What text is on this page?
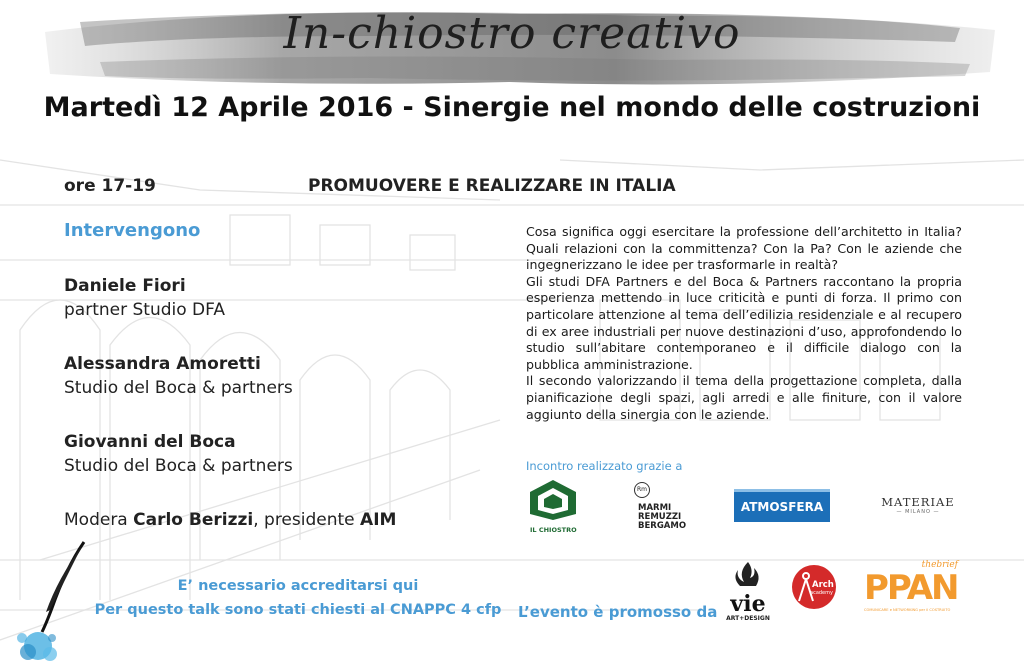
In-chiostro creativo
Martedì 12 Aprile 2016 - Sinergie nel mondo delle costruzioni
ore 17-19	PROMUOVERE E REALIZZARE IN ITALIA
Intervengono
Daniele Fiori
partner Studio DFA
Alessandra Amoretti
Studio del Boca & partners
Giovanni del Boca
Studio del Boca & partners
Modera Carlo Berizzi, presidente AIM

Cosa significa oggi esercitare la professione dell’architetto in Italia? Quali relazioni con la committenza? Con la Pa? Con le aziende che ingegnerizzano le idee per trasformarle in realtà?

Gli studi DFA Partners e del Boca & Partners raccontano la propria esperienza mettendo in luce criticità e punti di forza. Il primo con particolare attenzione al tema dell’edilizia residenziale e al recupero di ex aree industriali per nuove destinazioni d’uso, approfondendo lo studio sull’abitare contemporaneo e il difficile dialogo con la pubblica amministrazione.

Il secondo valorizzando il tema della progettazione completa, dalla pianificazione degli spazi, agli arredi e alle finiture, con il valore aggiunto della sinergia con le aziende.

Incontro realizzato grazie a
IL CHIOSTRO
Rm
MARMI
REMUZZI
BERGAMO
ATMOSFERA	MATERIAE
— MILANO —
E’ necessario accreditarsi qui
Per questo talk sono stati chiesti al CNAPPC 4 cfp	L’evento è promosso da vie
ART+DESIGN
Arch
academy
thebrief
PPAN
COMUNICARE e NETWORKING per il COSTRUITO
